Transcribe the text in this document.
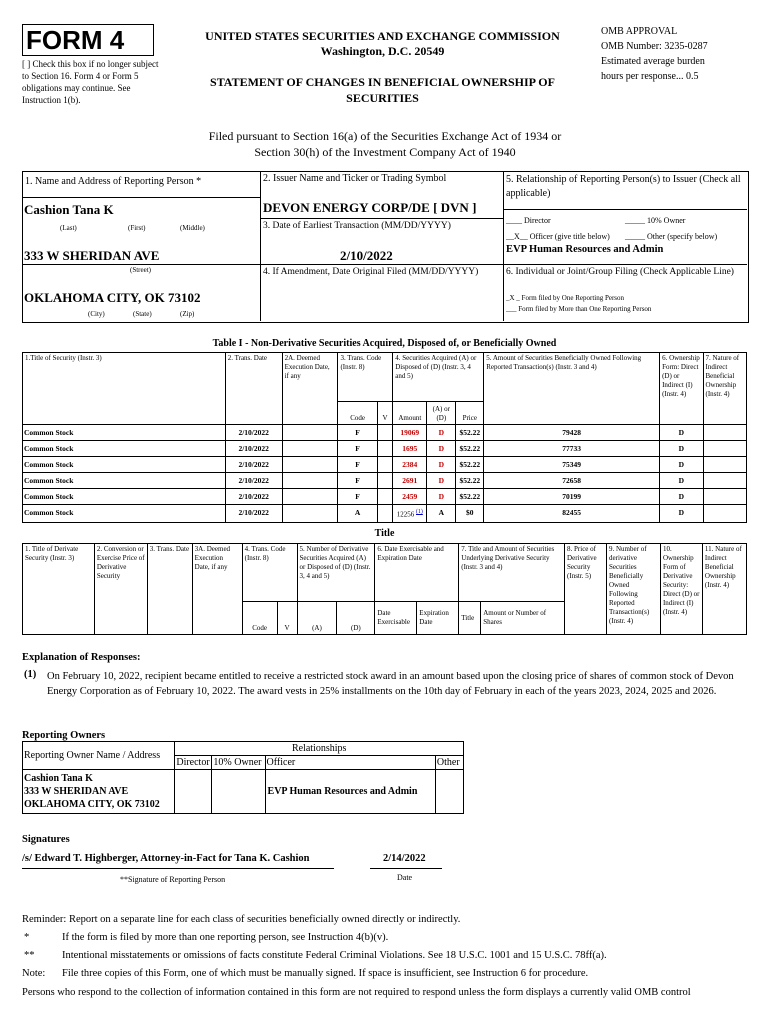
FORM 4
[ ] Check this box if no longer subject to Section 16. Form 4 or Form 5 obligations may continue. See Instruction 1(b).
UNITED STATES SECURITIES AND EXCHANGE COMMISSION
Washington, D.C. 20549
STATEMENT OF CHANGES IN BENEFICIAL OWNERSHIP OF SECURITIES
OMB APPROVAL
OMB Number: 3235-0287
Estimated average burden
hours per response... 0.5
Filed pursuant to Section 16(a) of the Securities Exchange Act of 1934 or
Section 30(h) of the Investment Company Act of 1940
1. Name and Address of Reporting Person *
Cashion Tana K
(Last)	(First)	(Middle)
333 W SHERIDAN AVE
(Street)
OKLAHOMA CITY, OK 73102
(City)	(State)	(Zip)
2. Issuer Name and Ticker or Trading Symbol
DEVON ENERGY CORP/DE [ DVN ]
3. Date of Earliest Transaction (MM/DD/YYYY)
2/10/2022
4. If Amendment, Date Original Filed (MM/DD/YYYY)
5. Relationship of Reporting Person(s) to Issuer (Check all applicable)
____ Director	_____ 10% Owner
__X__ Officer (give title below) _____ Other (specify below)
EVP Human Resources and Admin
6. Individual or Joint/Group Filing (Check Applicable Line)
_X _ Form filed by One Reporting Person
___ Form filed by More than One Reporting Person
Table I - Non-Derivative Securities Acquired, Disposed of, or Beneficially Owned
1.Title of Security (Instr. 3)	2. Trans. Date	2A. Deemed Execution Date, if any	3. Trans. Code (Instr. 8)		4. Securities Acquired (A) or Disposed of (D) (Instr. 3, 4 and 5)			5. Amount of Securities Beneficially Owned Following Reported Transaction(s) (Instr. 3 and 4)	6. Ownership Form: Direct (D) or Indirect (I) (Instr. 4)	7. Nature of Indirect Beneficial Ownership (Instr. 4)
			Code	V	Amount	(A) or (D)	Price			
Common Stock	2/10/2022		F		19069	D	$52.22	79428	D	
Common Stock	2/10/2022		F		1695	D	$52.22	77733	D	
Common Stock	2/10/2022		F		2384	D	$52.22	75349	D	
Common Stock	2/10/2022		F		2691	D	$52.22	72658	D	
Common Stock	2/10/2022		F		2459	D	$52.22	70199	D	
Common Stock	2/10/2022		A		12256 $^{(1)}$	A	$0	82455	D	
Title
1. Title of Derivate Security (Instr. 3)	2. Conversion or Exercise Price of Derivative Security	3. Trans. Date	3A. Deemed Execution Date, if any	4. Trans. Code (Instr. 8)		5. Number of Derivative Securities Acquired (A) or Disposed of (D) (Instr. 3, 4 and 5)		6. Date Exercisable and Expiration Date		7. Title and Amount of Securities Underlying Derivative Security (Instr. 3 and 4)		8. Price of Derivative Security (Instr. 5)	9. Number of derivative Securities Beneficially Owned Following Reported Transaction(s) (Instr. 4)	10. Ownership Form of Derivative Security: Direct (D) or Indirect (I) (Instr. 4)	11. Nature of Indirect Beneficial Ownership (Instr. 4)
				Code	V	(A)	(D)	Date Exercisable	Expiration Date	Title	Amount or Number of Shares				
Explanation of Responses:
(1) On February 10, 2022, recipient became entitled to receive a restricted stock award in an amount based upon the closing price of shares of common stock of Devon Energy Corporation as of February 10, 2022. The award vests in 25% installments on the 10th day of February in each of the years 2023, 2024, 2025 and 2026.
Reporting Owners
Reporting Owner Name / Address	Relationships			
	Director	10% Owner	Officer	Other

Cashion Tana K
333 W SHERIDAN AVE
OKLAHOMA CITY, OK 73102			EVP Human Resources and Admin	
Signatures
/s/ Edward T. Highberger, Attorney-in-Fact for Tana K. Cashion	2/14/2022
**Signature of Reporting Person	Date
Reminder: Report on a separate line for each class of securities beneficially owned directly or indirectly.
*	If the form is filed by more than one reporting person, see Instruction 4(b)(v).
**	Intentional misstatements or omissions of facts constitute Federal Criminal Violations. See 18 U.S.C. 1001 and 15 U.S.C. 78ff(a).
Note: File three copies of this Form, one of which must be manually signed. If space is insufficient, see Instruction 6 for procedure.
Persons who respond to the collection of information contained in this form are not required to respond unless the form displays a currently valid OMB control
